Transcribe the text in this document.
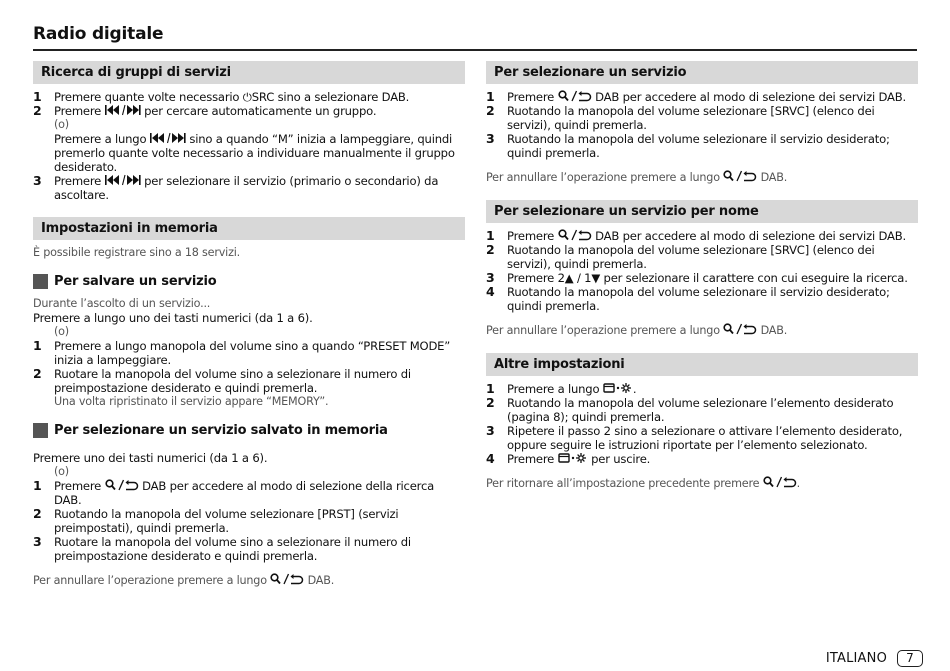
Radio digitale
Ricerca di gruppi di servizi
1	Premere quante volte necessario ⏻SRC sino a selezionare DAB.
2	Premere	per cercare automaticamente un gruppo.
(o)
Premere a lungo	sino a quando “M” inizia a lampeggiare, quindi premerlo quante volte necessario a individuare manualmente il gruppo desiderato.
3	Premere	per selezionare il servizio (primario o secondario) da ascoltare.
Impostazioni in memoria
È possibile registrare sino a 18 servizi.
Per salvare un servizio
Durante l’ascolto di un servizio...
Premere a lungo uno dei tasti numerici (da 1 a 6).
(o)
1	Premere a lungo manopola del volume sino a quando “PRESET MODE” inizia a lampeggiare.
2	Ruotare la manopola del volume sino a selezionare il numero di preimpostazione desiderato e quindi premerla.
Una volta ripristinato il servizio appare “MEMORY”.
Per selezionare un servizio salvato in memoria
Premere uno dei tasti numerici (da 1 a 6).
(o)
1	Premere	DAB per accedere al modo di selezione della ricerca DAB.
2	Ruotando la manopola del volume selezionare [PRST] (servizi preimpostati), quindi premerla.
3	Ruotare la manopola del volume sino a selezionare il numero di preimpostazione desiderato e quindi premerla.
Per annullare l’operazione premere a lungo	DAB.
Per selezionare un servizio
1	Premere	DAB per accedere al modo di selezione dei servizi DAB.
2	Ruotando la manopola del volume selezionare [SRVC] (elenco dei servizi), quindi premerla.
3	Ruotando la manopola del volume selezionare il servizio desiderato; quindi premerla.
Per annullare l’operazione premere a lungo	DAB.
Per selezionare un servizio per nome
1	Premere	DAB per accedere al modo di selezione dei servizi DAB.
2	Ruotando la manopola del volume selezionare [SRVC] (elenco dei servizi), quindi premerla.
3	Premere 2▲ / 1▼ per selezionare il carattere con cui eseguire la ricerca.
4	Ruotando la manopola del volume selezionare il servizio desiderato; quindi premerla.
Per annullare l’operazione premere a lungo	DAB.
Altre impostazioni
1	Premere a lungo	.
2	Ruotando la manopola del volume selezionare l’elemento desiderato (pagina 8); quindi premerla.
3	Ripetere il passo 2 sino a selezionare o attivare l’elemento desiderato, oppure seguire le istruzioni riportate per l’elemento selezionato.
4	Premere	per uscire.
Per ritornare all’impostazione precedente premere	.
ITALIANO	7
